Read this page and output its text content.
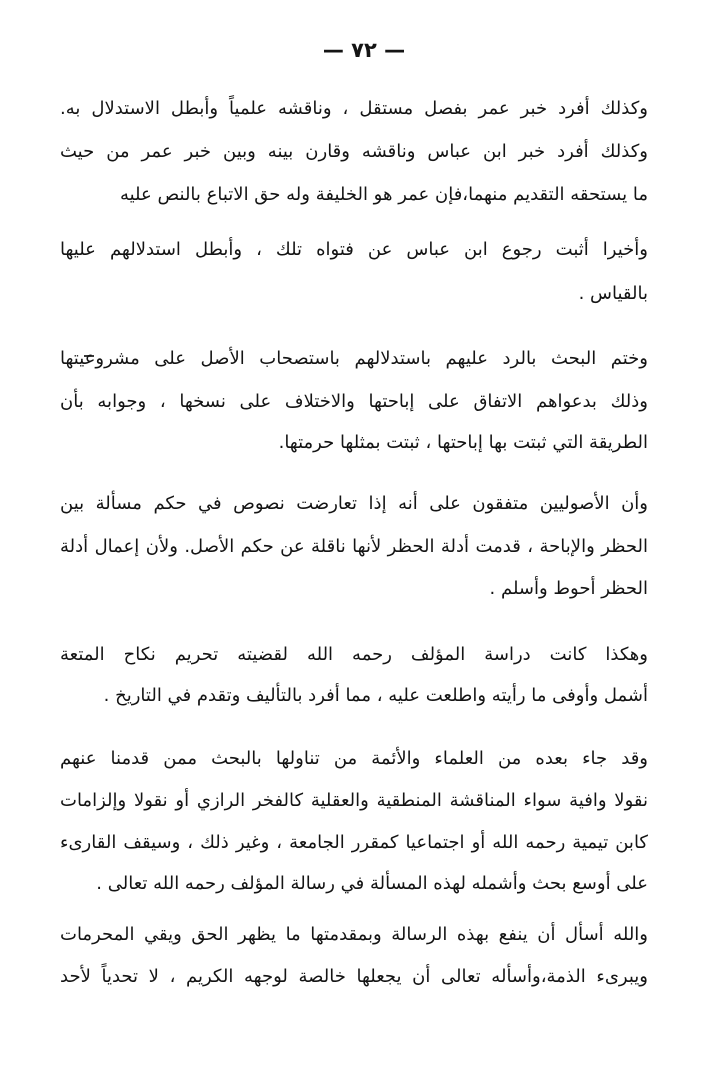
— ٧٢ —
وكذلك أفرد خبر عمر بفصل مستقل ، وناقشه علمياً وأبطل الاستدلال به.
وكذلك أفرد خبر ابن عباس وناقشه وقارن بينه وبين خبر عمر من حيث
ما يستحقه التقديم منهما،فإن عمر هو الخليفة وله حق الاتباع بالنص عليه
وأخيرا أثبت رجوع ابن عباس عن فتواه تلك ، وأبطل استدلالهم عليها
بالقياس .
وختم البحث بالرد عليهم باستدلالهم باستصحاب الأصل على مشروعيتها
وذلك بدعواهم الاتفاق على إباحتها والاختلاف على نسخها ، وجوابه بأن
الطريقة التي ثبتت بها إباحتها ، ثبتت بمثلها حرمتها.
وأن الأصوليين متفقون على أنه إذا تعارضت نصوص في حكم مسألة بين
الحظر والإباحة ، قدمت أدلة الحظر لأنها ناقلة عن حكم الأصل. ولأن إعمال أدلة
الحظر أحوط وأسلم .
وهكذا كانت دراسة المؤلف رحمه الله لقضيته تحريم نكاح المتعة
أشمل وأوفى ما رأيته واطلعت عليه ، مما أفرد بالتأليف وتقدم في التاريخ .
وقد جاء بعده من العلماء والأئمة من تناولها بالبحث ممن قدمنا عنهم
نقولا وافية سواء المناقشة المنطقية والعقلية كالفخر الرازي أو نقولا وإلزامات
كابن تيمية رحمه الله أو اجتماعيا كمقرر الجامعة ، وغير ذلك ، وسيقف القارىء
على أوسع بحث وأشمله لهذه المسألة في رسالة المؤلف رحمه الله تعالى .
والله أسأل أن ينفع بهذه الرسالة وبمقدمتها ما يظهر الحق ويقي المحرمات
ويبرىء الذمة،وأسأله تعالى أن يجعلها خالصة لوجهه الكريم ، لا تحدياً لأحد
